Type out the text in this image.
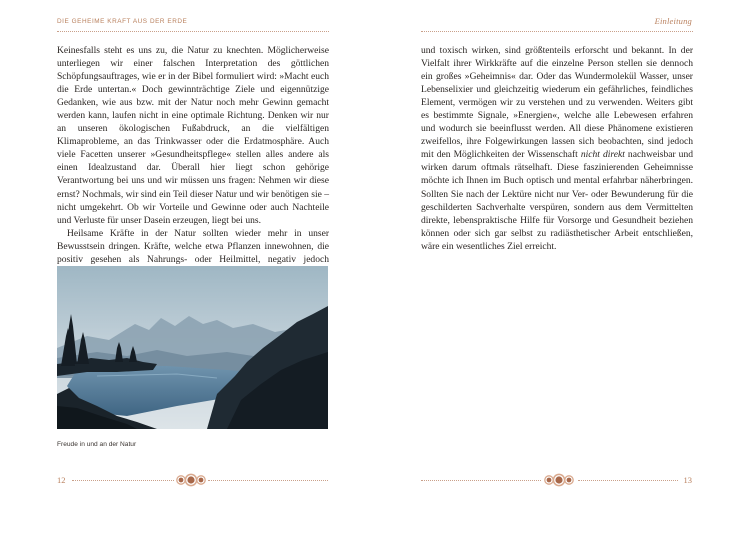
DIE GEHEIME KRAFT AUS DER ERDE

Keinesfalls steht es uns zu, die Natur zu knechten. Möglicherweise unterliegen wir einer falschen Interpretation des göttlichen Schöpfungsauftrages, wie er in der Bibel formuliert wird: »Macht euch die Erde untertan.« Doch gewinnträchtige Ziele und eigennützige Gedanken, wie aus bzw. mit der Natur noch mehr Gewinn gemacht werden kann, laufen nicht in eine optimale Richtung. Denken wir nur an unseren ökologischen Fußabdruck, an die vielfältigen Klimaprobleme, an das Trinkwasser oder die Erdatmosphäre. Auch viele Facetten unserer »Gesundheitspflege« stellen alles andere als einen Idealzustand dar. Überall hier liegt schon gehörige Verantwortung bei uns und wir müssen uns fragen: Nehmen wir diese ernst? Nochmals, wir sind ein Teil dieser Natur und wir benötigen sie – nicht umgekehrt. Ob wir Vorteile und Gewinne oder auch Nachteile und Verluste für unser Dasein erzeugen, liegt bei uns.

Heilsame Kräfte in der Natur sollten wieder mehr in unser Bewusstsein dringen. Kräfte, welche etwa Pflanzen innewohnen, die positiv gesehen als Nahrungs- oder Heilmittel, negativ jedoch

Freude in und an der Natur
12
Einleitung

und toxisch wirken, sind größtenteils erforscht und bekannt. In der Vielfalt ihrer Wirkkräfte auf die einzelne Person stellen sie dennoch ein großes »Geheimnis« dar. Oder das Wundermolekül Wasser, unser Lebenselixier und gleichzeitig wiederum ein gefährliches, feindliches Element, vermögen wir zu verstehen und zu verwenden. Weiters gibt es bestimmte Signale, »Energien«, welche alle Lebewesen erfahren und wodurch sie beeinflusst werden. All diese Phänomene existieren zweifellos, ihre Folgewirkungen lassen sich beobachten, sind jedoch mit den Möglichkeiten der Wissenschaft nicht direkt nachweisbar und wirken darum oftmals rätselhaft. Diese faszinierenden Geheimnisse möchte ich Ihnen im Buch optisch und mental erfahrbar näherbringen. Sollten Sie nach der Lektüre nicht nur Ver- oder Bewunderung für die geschilderten Sachverhalte verspüren, sondern aus dem Vermittelten direkte, lebenspraktische Hilfe für Vorsorge und Gesundheit beziehen können oder sich gar selbst zu radiästhetischer Arbeit entschließen, wäre ein wesentliches Ziel erreicht.

13
